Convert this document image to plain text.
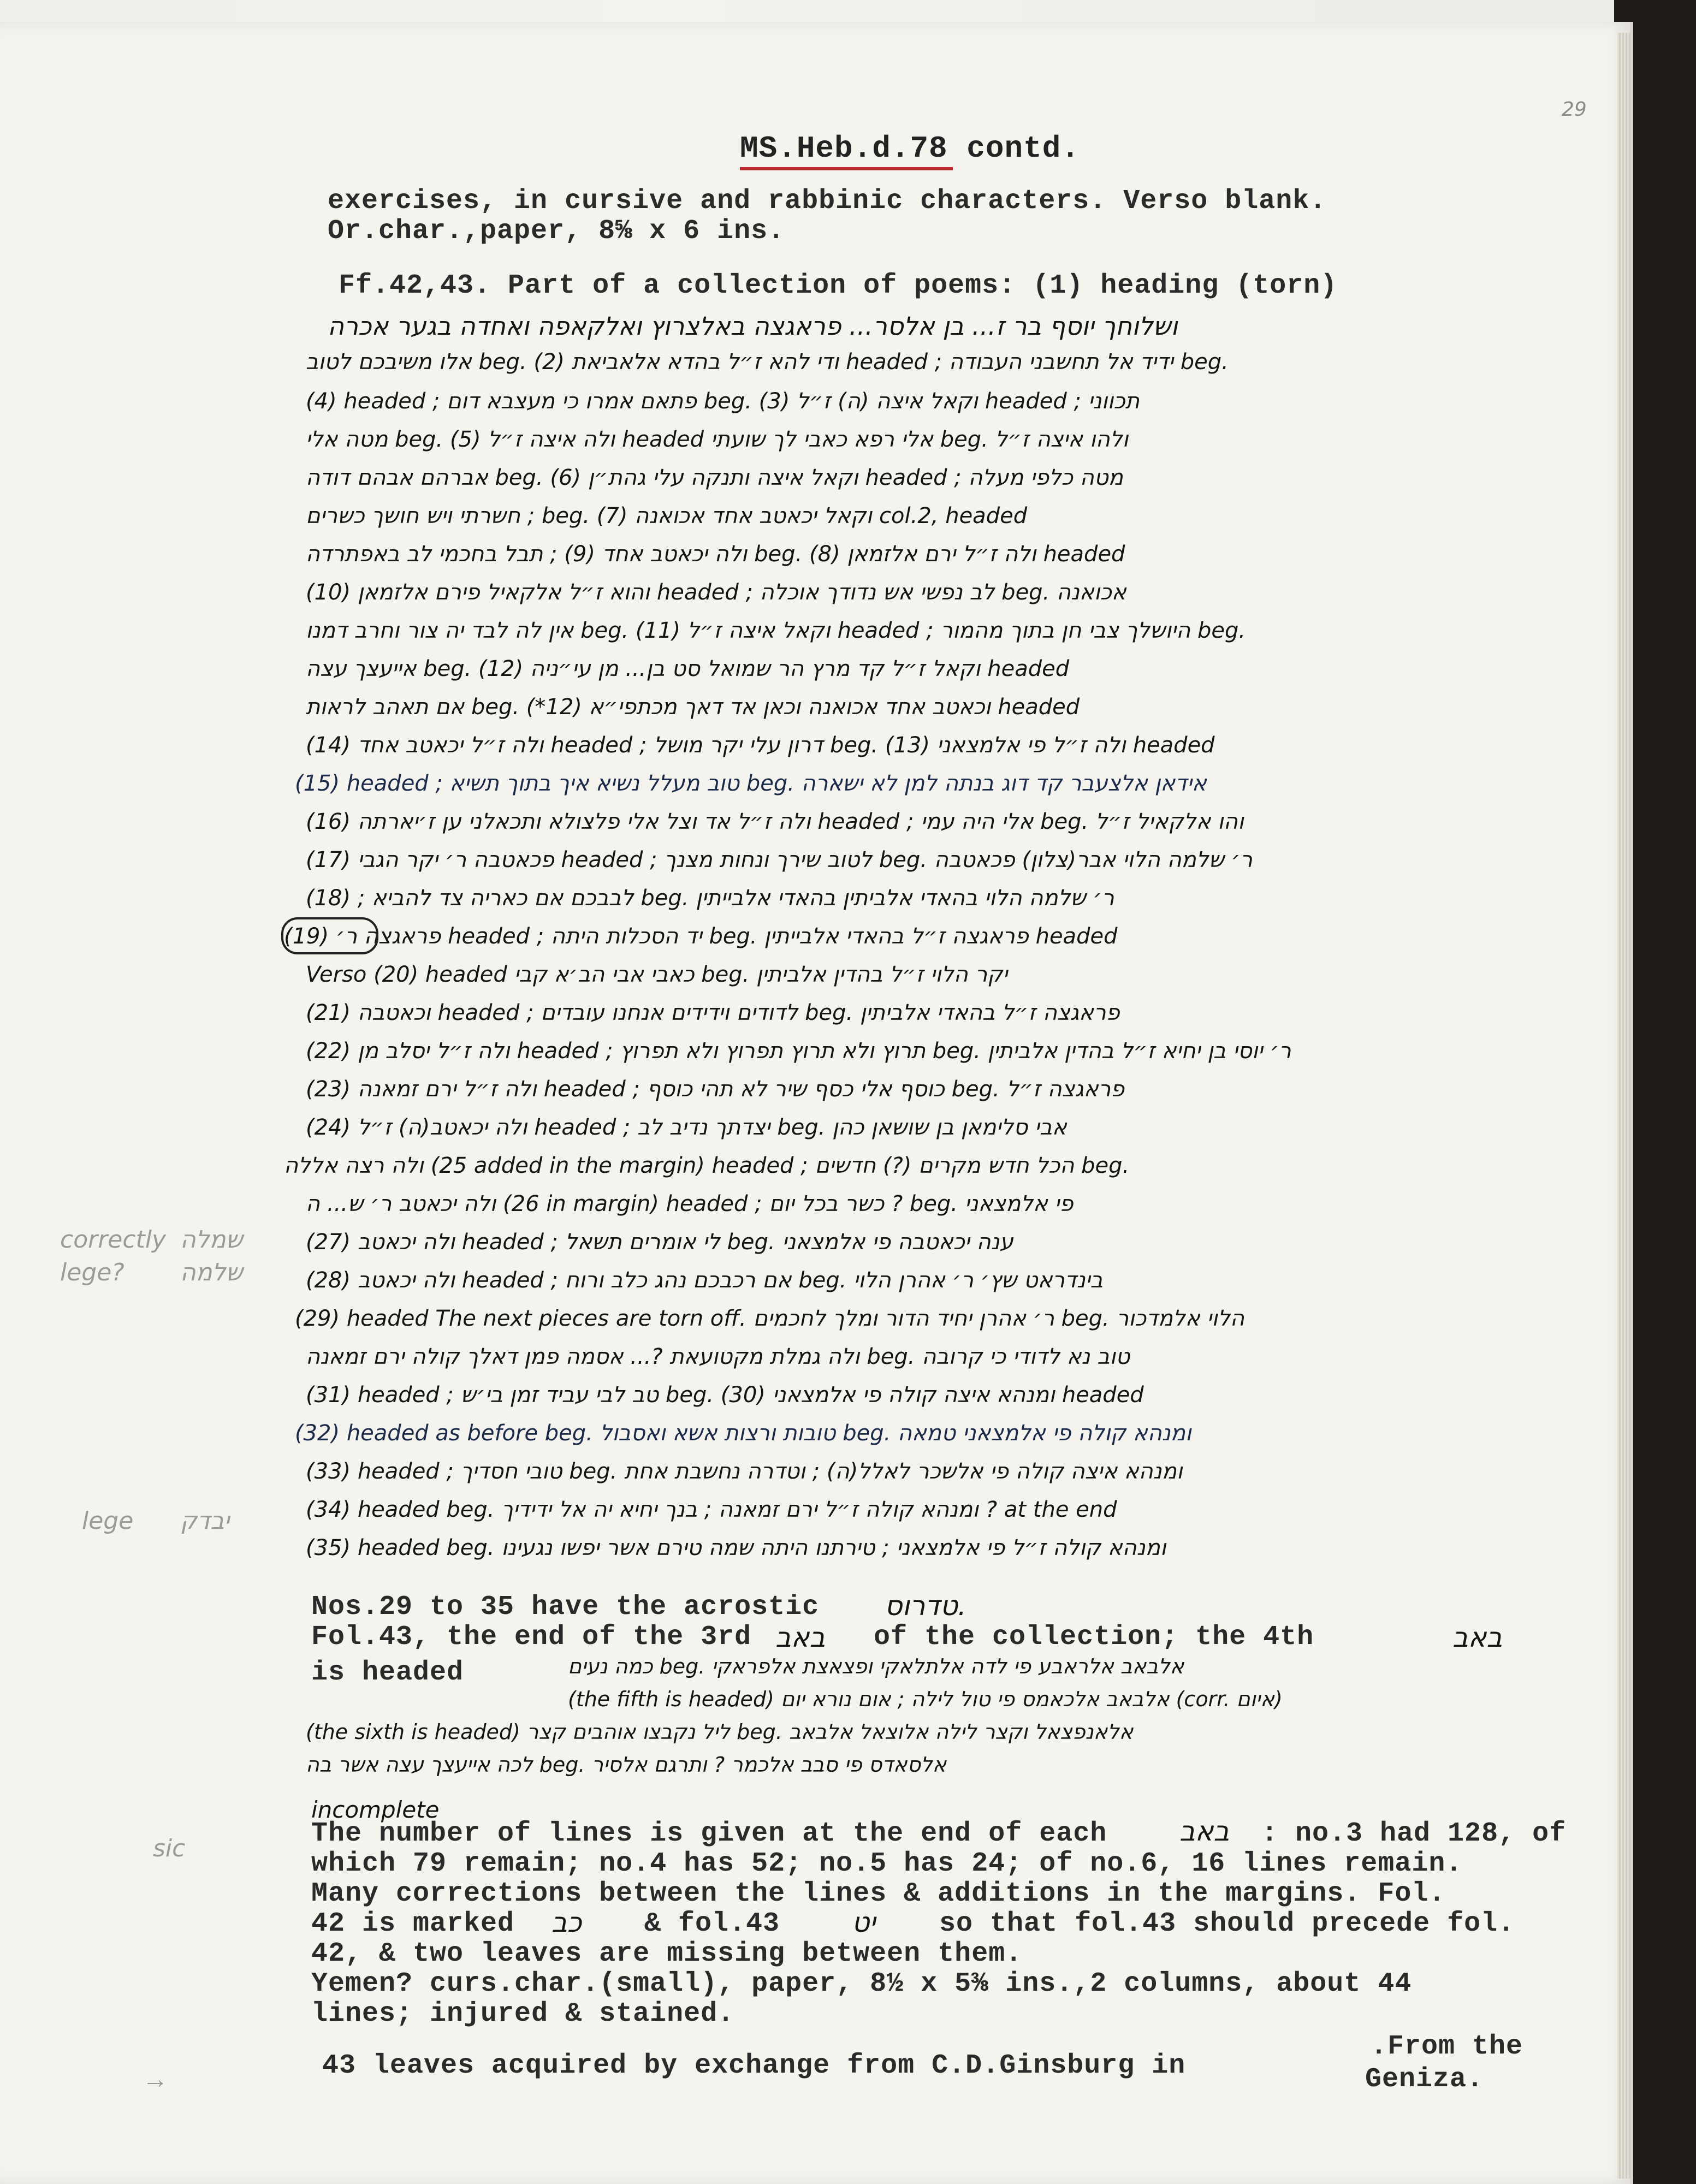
29
MS.Heb.d.78 contd.
exercises, in cursive and rabbinic characters. Verso blank.
Or.char.,paper, 8⅝ x 6 ins.
Ff.42,43. Part of a collection of poems: (1) heading (torn)
ושלוחך יוסף בר ז... בן אלסר... פראגצה באלצרוץ ואלקאפה ואחדה בגער אכרה
אלו משיבכם לטוב beg. ודי להא ז״ל בהדא אלאביאת (2) headed ; ידיד אל תחשבני העבודה beg.
(4) headed ; פתאם אמרו כי מעצבא דום beg. וקאל איצה (ה) ז״ל (3) headed ; תכווני
מטה אלי beg. ולה איצה ז״ל (5) headed אלי רפא כאבי לך שועתי beg. ולהו איצה ז״ל
אברהם אבהם דודה beg. וקאל איצה ותנקה עלי גהת״ן (6) headed ; מטה כלפי מעלה
חשרתי ויש חושך כשרים ; beg. וקאל יכאטב אחד אכואנה (7) col.2, headed
ולה יכאטב אחד (9) ; תבל בחכמי לב באפתרדה beg. ולה ז״ל ירם אלזמאן (8) headed
והוא ז״ל אלקאיל פירם אלזמאן (10) headed ; לב נפשי אש נדודך אוכלה beg. אכואנה
אין לה לבד יה צור וחרב דמנו beg. וקאל איצה ז״ל (11) headed ; היושלך צבי חן בתוך מהמור beg.
אייעצך עצה beg. וקאל ז״ל קד מרץ הר שמואל סט בן... מן עי״ניה (12) headed
אם תאהב לראות beg. וכאטב אחד אכואנה וכאן אד דאך מכתפי״א (12*) headed
ולה ז״ל יכאטב אחד (14) headed ; דרון עלי יקר מושל beg. ולה ז״ל פי אלמצאני (13) headed
(15) headed ; טוב מעלל נשיא איך בתוך תשיא beg. אידאן אלצעבר קד דוג בנתה למן לא ישארה
ולה ז״ל אד וצל אלי פלצולא ותכאלני ען ז׳יארתה (16) headed ; אלי היה עמי beg. והו אלקאיל ז״ל
פכאטבה ר׳ יקר הגבי (17) headed ; לטוב שירך ונחות מצנך beg. ר׳ שלמה הלוי אבר(צלון) פכאטבה
(18) ; לבבכם אם כאריה צד להביא beg. ר׳ שלמה הלוי בהאדי אלביתין בהאדי אלבייתין
פראגצה ר׳ (19) headed ; יד הסכלות היתה beg. פראגצה ז״ל בהאדי אלבייתין headed
Verso (20) headed כאבי אבי הב׳א קבי beg. יקר הלוי ז״ל בהדין אלביתין
וכאטבה (21) headed ; לדודים וידידים אנחנו עובדים beg. פראגצה ז״ל בהאדי אלביתין
ולה ז״ל יסלב מן (22) headed ; תרוץ ולא תרוץ תפרוץ ולא תפרוץ beg. ר׳ יוסי בן יחיא ז״ל בהדין אלביתין
ולה ז״ל ירם זמאנה (23) headed ; כוסף אלי כסף שיר לא תהי כוסף beg. פראגצה ז״ל
ולה יכאטב(ה) ז״ל (24) headed ; יצדתך נדיב לב beg. אבי סלימאן בן שושאן כהן
ולה רצה אללה (25 added in the margin) headed ; הכל חדש מקרים (?) חדשים beg.
ולה יכאטב ר׳ ש... ה (26 in margin) headed ; כשר בכל יום ? beg. פי אלמצאני
ולה יכאטב (27) headed ; לי אומרים תשאל beg. ענה יכאטבה פי אלמצאני
ולה יכאטב (28) headed ; אם רכבכם נהג כלב ורוח beg. בינדראט שץ׳ ר׳ אהרן הלוי
(29) headed The next pieces are torn off. ר׳ אהרן יחיד הדור ומלך לחכמים beg. הלוי אלמדכור
ולה גמלת מקטועאת ?... אסמה פמן דאלך קולה ירם זמאנה beg. טוב נא לדודי כי קרובה
(31) headed ; טב לבי עביד זמן בי׳ש beg. ומנהא איצה קולה פי אלמצאני (30) headed
(32) headed as before beg. טובות ורצות אשא ואסבול beg. ומנהא קולה פי אלמצאני טמאה
(33) headed ; טובי חסדיך beg. ומנהא איצה קולה פי אלשכר לאלל(ה) ; וטדרה נחשבת אחת
(34) headed beg. ומנהא קולה ז״ל ירם זמאנה ; בנך יחיא יה אל ידידיך ? at the end
(35) headed beg. ומנהא קולה ז״ל פי אלמצאני ; טירתנו היתה שמה טירם אשר יפשו נגעינו
Nos.29 to 35 have the acrostic טדרוס.
Fol.43, the end of the 3rd באב of the collection; the 4th	באב
is headed	כמה נעים beg. אלבאב אלראבע פי לדה אלתלאקי ופצאצת אלפראקי
(the fifth is headed) אלבאב אלכאמס פי טול לילה ; אום נורא יום (corr. איום)
(the sixth is headed) ליל נקבצו אוהבים קצר beg. אלאנפצאל וקצר לילה אלוצאל אלבאב
לכה אייעצך עצה אשר בה beg. אלסאדס פי סבב אלכמר ? ותרגם אלסיר
incomplete
The number of lines is given at the end of each	באב : no.3 had 128, of
which 79 remain; no.4 has 52; no.5 has 24; of no.6, 16 lines remain.
Many corrections between the lines & additions in the margins. Fol.
42 is marked כב & fol.43	יט so that fol.43 should precede fol.
42, & two leaves are missing between them.
Yemen? curs.char.(small), paper, 8½ x 5⅜ ins.,2 columns, about 44
lines; injured & stained.
43 leaves acquired by exchange from C.D.Ginsburg in
.From the
Geniza.
correctly שמלה
lege? שלמה
lege יבדק
sic
→
